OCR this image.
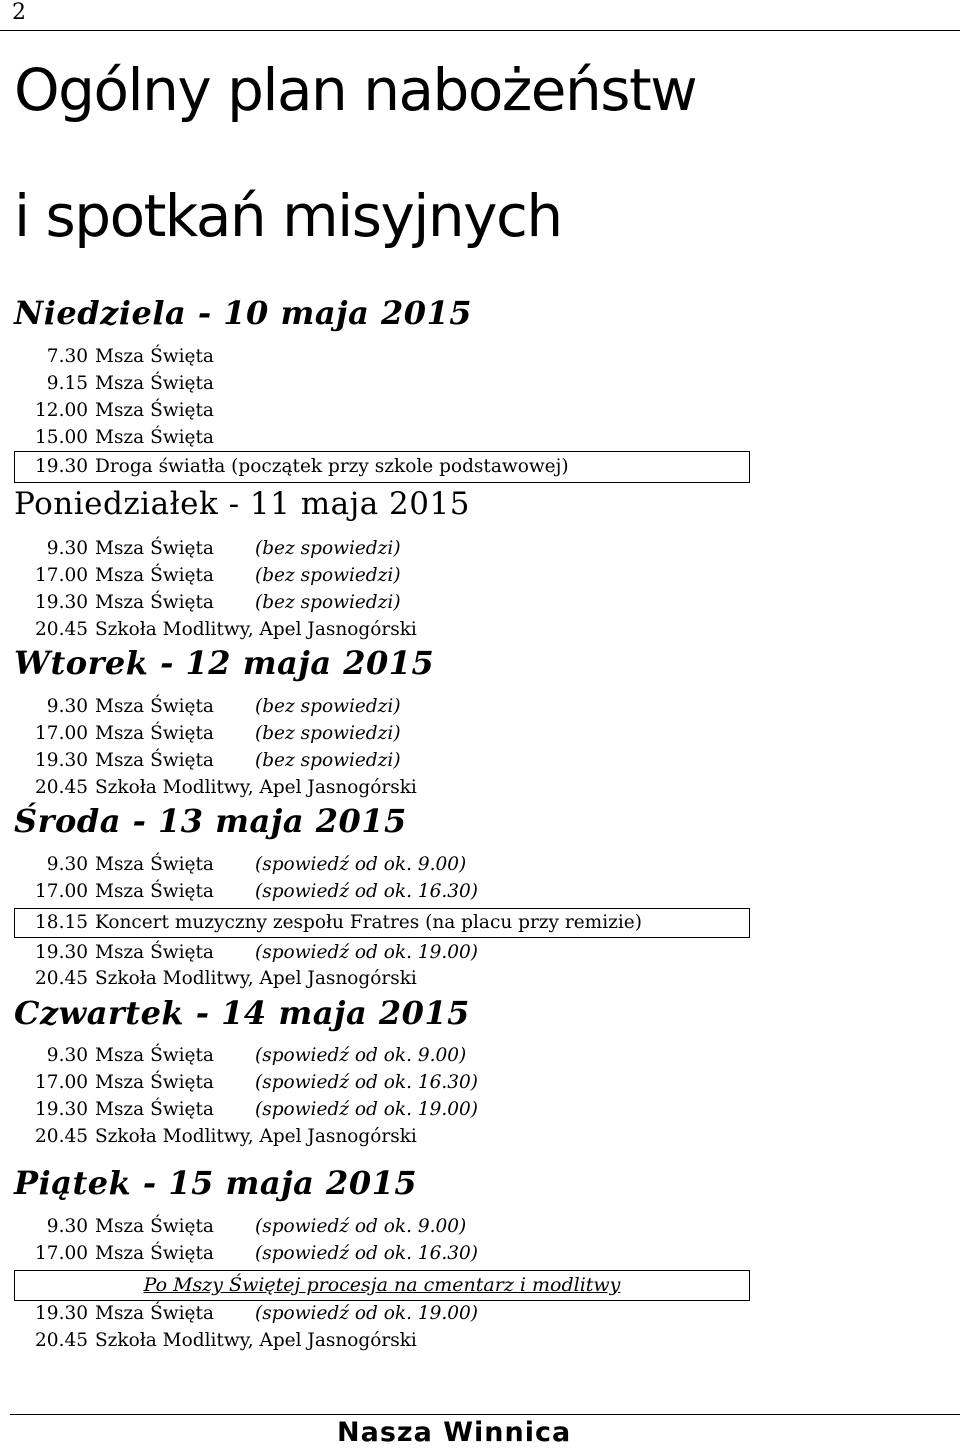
2
Ogólny plan nabożeństw
i spotkań misyjnych
Niedziela - 10 maja 2015
7.30 Msza Święta
9.15 Msza Święta
12.00 Msza Święta
15.00 Msza Święta
19.30 Droga światła (początek przy szkole podstawowej)
Poniedziałek - 11 maja 2015
9.30 Msza Święta (bez spowiedzi)
17.00 Msza Święta (bez spowiedzi)
19.30 Msza Święta (bez spowiedzi)
20.45 Szkoła Modlitwy, Apel Jasnogórski
Wtorek - 12 maja 2015
9.30 Msza Święta (bez spowiedzi)
17.00 Msza Święta (bez spowiedzi)
19.30 Msza Święta (bez spowiedzi)
20.45 Szkoła Modlitwy, Apel Jasnogórski
Środa - 13 maja 2015
9.30 Msza Święta (spowiedź od ok. 9.00)
17.00 Msza Święta (spowiedź od ok. 16.30)
18.15 Koncert muzyczny zespołu Fratres (na placu przy remizie)
19.30 Msza Święta (spowiedź od ok. 19.00)
20.45 Szkoła Modlitwy, Apel Jasnogórski
Czwartek - 14 maja 2015
9.30 Msza Święta (spowiedź od ok. 9.00)
17.00 Msza Święta (spowiedź od ok. 16.30)
19.30 Msza Święta (spowiedź od ok. 19.00)
20.45 Szkoła Modlitwy, Apel Jasnogórski
Piątek - 15 maja 2015
9.30 Msza Święta (spowiedź od ok. 9.00)
17.00 Msza Święta (spowiedź od ok. 16.30)
Po Mszy Świętej procesja na cmentarz i modlitwy
19.30 Msza Święta (spowiedź od ok. 19.00)
20.45 Szkoła Modlitwy, Apel Jasnogórski
Nasza Winnica
